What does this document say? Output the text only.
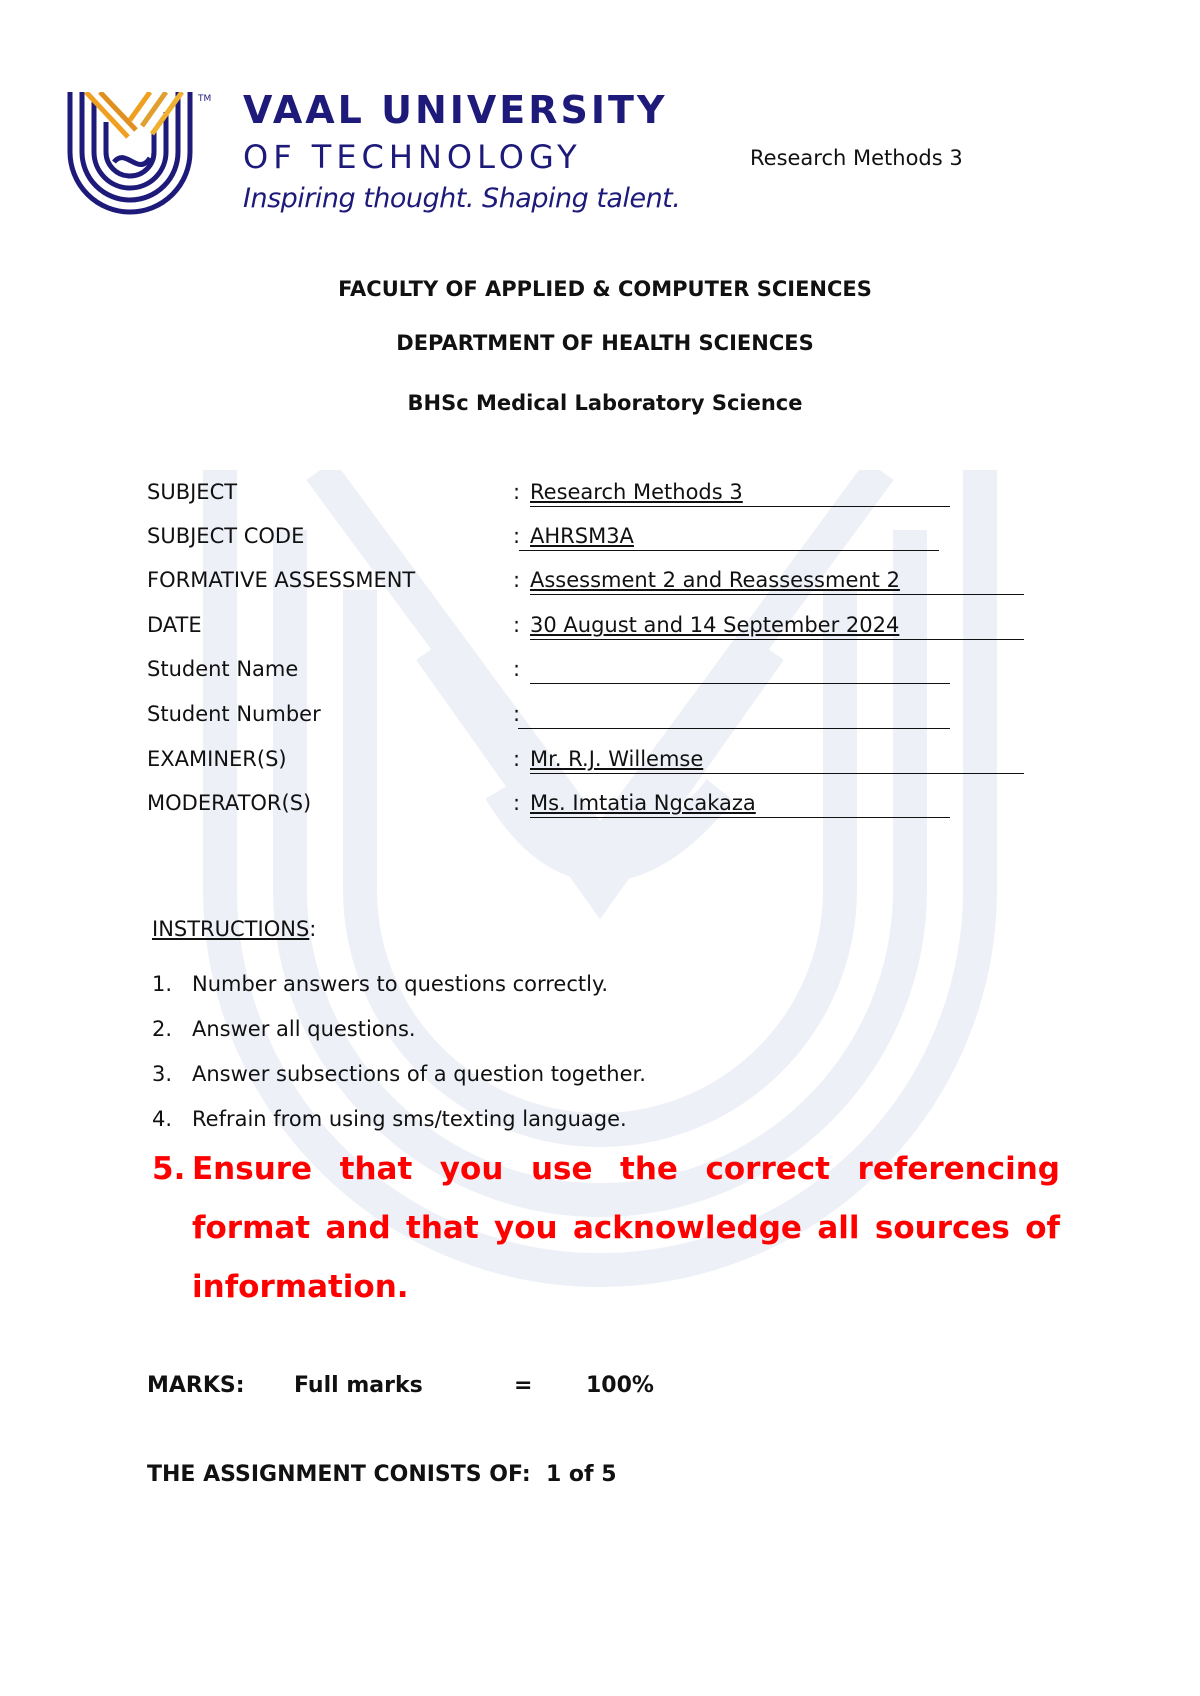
TM VAAL UNIVERSITY
OF TECHNOLOGY
Inspiring thought. Shaping talent.
Research Methods 3
FACULTY OF APPLIED & COMPUTER SCIENCES
DEPARTMENT OF HEALTH SCIENCES
BHSc Medical Laboratory Science
SUBJECT	: Research Methods 3
SUBJECT CODE	: AHRSM3A
FORMATIVE ASSESSMENT	: Assessment 2 and Reassessment 2
DATE	: 30 August and 14 September 2024
Student Name	:
Student Number	:
EXAMINER(S)	: Mr. R.J. Willemse
MODERATOR(S)	: Ms. Imtatia Ngcakaza
INSTRUCTIONS:
1. Number answers to questions correctly.
2. Answer all questions.
3. Answer subsections of a question together.
4. Refrain from using sms/texting language.
5. Ensure that you use the correct referencing format and that you acknowledge all sources of information.
MARKS: Full marks	= 100%
THE ASSIGNMENT CONISTS OF: 1 of 5
